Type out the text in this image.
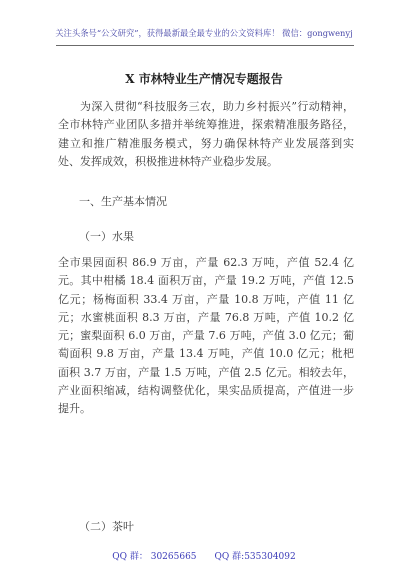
关注头条号“公文研究”，获得最新最全最专业的公文资料库！ 微信：gongwenyj
X 市林特业生产情况专题报告

为深入贯彻“科技服务三农，助力乡村振兴”行动精神，全市林特产业团队多措并举统筹推进，探索精准服务路径，建立和推广精准服务模式，努力确保林特产业发展落到实处、发挥成效，积极推进林特产业稳步发展。

一、生产基本情况

（一）水果

全市果园面积 86.9 万亩，产量 62.3 万吨，产值 52.4 亿元。其中柑橘 18.4 面积万亩，产量 19.2 万吨，产值 12.5 亿元；杨梅面积 33.4 万亩，产量 10.8 万吨，产值 11 亿元；水蜜桃面积 8.3 万亩，产量 76.8 万吨，产值 10.2 亿元；蜜梨面积 6.0 万亩，产量 7.6 万吨，产值 3.0 亿元；葡萄面积 9.8 万亩，产量 13.4 万吨，产值 10.0 亿元；枇杷面积 3.7 万亩，产量 1.5 万吨，产值 2.5 亿元。相较去年，产业面积缩减，结构调整优化，果实品质提高，产值进一步提升。

（二）茶叶

QQ 群： 30265665 QQ 群:535304092
